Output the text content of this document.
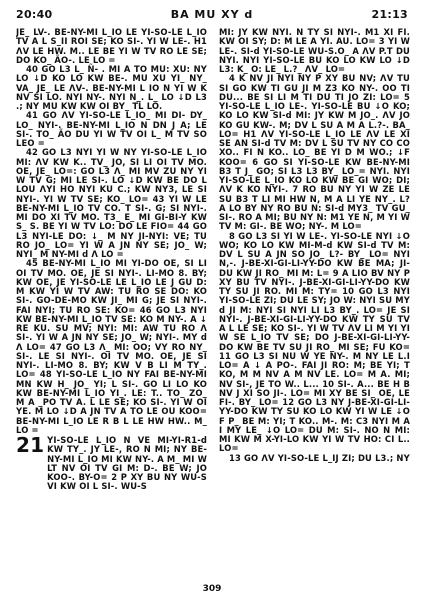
20:40	BA MU XY d	21:13

JE_ LV-. BE-NY-MI L_IO LE YI-SO-LE L_IO TV A L S_II ROI SE; KO SI-. YI W LE-. H1 ɅV LE HW. M.. LE BE YI W TV RO LE SE; DO KO_ ÃO-. LE LO =

40 GO L3 L_ Ñ- . MI A TO MU: XU: NY LO ↓D KO LO KW BE-. MU XU YI_ NY_ VA_ JE_ LE ɅV-. BE-NY-MI L IO N YI W K NV SI LO. NYI NY-. NYI N_. L_ LO ↓D L3 .; NY MU KW KW OI BY_ TL LO.

41 GO ɅV YI-SO-LE L_IO_ MI DI- DY_ LO_ NYI-. BE-NY-MI L_IO N DN J A; LE SI-. TO_ ÃO DU YI W TV OI L_ M TV SO LEO =

42 GO L3 NYI YI W NY YI-SO-LE L_IO MI: ɅV KW K.. TV_ JO, SI LI OI TV MO. OE, JE_ LO=: GO L3 Ʌ_ MI MV ZU NY YI W TV G; MI LE SI-. LO ↓D KW BE DO L LOU ɅYI HO NYI KU C.; KW NY3, LE SI NYI-. YI W TV SE; KO_ LO= 43 YI W LE BE-NY-MI L_IO TV CO. T SI-. G; SI NYI-. MI DO XI TV MO. T3_ E_ MI GI-BI-Y KW S_ S. BE YI W TV LO: DO LE FIO= 44 GO L3 NYI-LE DO: ↓_ M NY JI-NYI: VE; TU RO JO_ LO= YI W A JN NY SE; JO_ W; NYI_ M NY-MI d Ʌ LO =

45 BE-NY-MI L_IO MI YI-DO OE, SI LI OI TV MO. OE, JE SI NYI-. LI-MO 8. BY; KW OE, JE YI-SO-LE LE L_IO LE J GU D: M KW YI W TV AW: TU RO SE DO: KO SI-. GO-DE-MO KW JI_ MI G; JE SI NYI-. FAI NYI; TU RO SE: KO= 46 GO L3 NYI KW BE-NY-MI L_IO TV SE: KO M NY-. A ↓ RE KU. SU MV; NYI: MI: AW TU RO Ʌ SI-. YI W A JN NY SE; JO_ W; NYI-. MY d Ʌ LO= 47 GO L3 Ʌ_ MI: OO; VY RO NY_ SI-. LE SI NYI-. OI TV MO. OE, JE SI NYI-. LI-MO 8. BY; KW V B LI M TY_. LO= 48 YI-SO-LE L_IO NY FAI BE-NY-MI MN KW H_ JO_ YI; L SI-. GO LI LO KO KW BE-NY-MI L_IO YI_. LE: T.. TO_ ZO_ M A _PO TV A. L LE SE; KO SI-. YI W OI YE. M LO ↓D A JN TV A TO LE OU KOO= BE-NY-MI L_IO LE R B L LE HW HW.. M_ LO =

21 YI-SO-LE L_IO N VE MI-YI-R1-d KW TY_. JY LE-, RO N MI; NY BE-NY-MI L_IO MI KW NY-. A M_ MI W LT NV OI TV GI M: D-. BE W; JO KOO-. BY-O= 2 P XY BU NY WU-S VI KW OI L SI-. WU-S

MI: JY KW NYI. N TY SI NYI-. M1 XI FI. KW OI SY; D: M LE A YI. AU. LO= 3 YI W LE-. SI-d YI-SO-LE WU-S.O_ A ɅV P.T DU NYI. NYI YI-SO-LE BU KO LO KW LO ↓D L3: K_ O: LE_ L.?_ ɅV_ LO=

4 K NV JI NYI NY P XY BU NV; ɅV TU SI GO KW TI GU JI M Z3 KO NY-. OO TI DU... BE SI LI M TI DU TI JO ZI: LO= 5 YI-SO-LE L_IO LE-. YI-SO-LE BU ↓O KO; KO LO KW SI-d MI: JY KW M JO_. ɅV JO KO GU KW-. M; DV L SU A M A L.?-. BA_ LO= H1 ɅV YI-SO-LE L_IO LE ɅV LE XI SE AN SI-d TV M: DV L SU TV NY CO CO XO.. FI N KO.. LO_ BE YI D M WO.; ↓F KOO= 6 GO SI YI-SO-LE KW BE-NY-MI B3 T J_ GO; SI L3 L3 BY_ LO_= NYI. NYI YI-SO-LE L_IO KO LO KW BE GI WO; DI; ɅV K KO NYI-. 7 RO BU NY YI W ZE LE SU B3 T LI MI HW N, M A LI YE NY_. L? A LO BY NY RO BU N: SI-d MY3_ TV GU_ SI-. RO A MI; BU NY N: M1 YE N, M YI W TV M: GI-. BE WO; NY-. M LO=

8 GO L3 SI YI W LE-. YI-SO-LE NYI ↓O WO; KO LO KW MI-M-d KW SI-d TV M: DV L SU A JN SO JO_ L?- BY_ LO= NYI N,-. J-BE-XI-GI-LI-YY-DO KW BE MA; JI-DU KW JI RO_ MI M: L= 9 A LIO BV NY P XY BU TV NYI-. J-BE-XI-GI-LI-YY-DO KW TY SU JI RO. MI M: TY= 10 GO L3 NYI YI-SO-LE ZI; DU LE SY; JO W: NYI SU MY d JI M: NYI SI NYI LI L3 BY_. LO= JE SI NYI-. J-BE-XI-GI-LI-YY-DO KW TY SU TV A L LE SE; KO SI-. YI W TV ɅV LI M YI YI W SE L_IO TV SE; DO J-BE-XI-GI-LI-YY-DO KW BE TV SU JI RO_ MI SE; FU KO= 11 GO L3 SI NU W YE NY-. M NY LE L.I LO= A ↓ A PO-. FAI JI RO: M; BE YI; T KO, M M NV A M NV LE. LO= M A. MI; NV SI-, JE TO W.. L... 10 SI-. A... BE H B NV J XI SO JI-. LO= MI XY BE SI_ OE, LE FI-. BY_ LO= 12 GO L3 NY J-BE-XI-GI-LI-YY-DO KW TY SU KO LO KW YI W LE ↓O F P_ BE M: YI; T KO.. M-. M: C3 NYI M A I MY LE_ ↓O LO= DU M: SI-. NO N MI: MI KW M X-YI-LO KW YI W TV HO: CI L.. LO=

13 GO ɅV YI-SO-LE L_IJ ZI; DU L3.; NY

309
